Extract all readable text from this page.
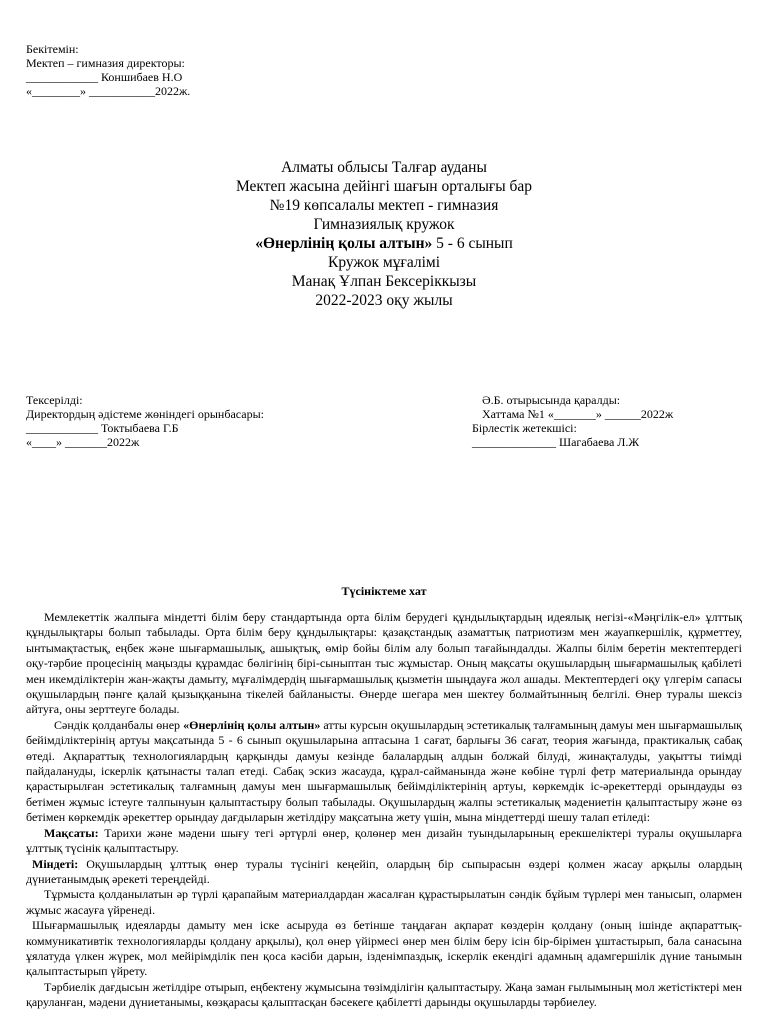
Бекітемін:
Мектеп – гимназия директоры:
____________ Коншибаев Н.О
«________» ___________2022ж.
Алматы облысы Талғар ауданы
Мектеп жасына дейінгі шағын орталығы бар
№19 көпсалалы мектеп - гимназия
Гимназиялық кружок
«Өнерлінің қолы алтын» 5 - 6 сынып
Кружок мұғалімі
Манақ Ұлпан Бексеріккызы
2022-2023 оқу жылы
Тексерілді:
Директордың әдістеме жөніндегі орынбасары:
____________ Токтыбаева Г.Б
«____» _______2022ж
Ә.Б. отырысында қаралды:
Хаттама №1 «_______» ______2022ж
Бірлестік жетекшісі:
______________ Шагабаева Л.Ж
Түсініктеме хат

Мемлекеттік жалпыға міндетті білім беру стандартында орта білім берудегі құндылықтардың идеялық негізі-«Мәңгілік-ел» ұлттық құндылықтары болып табылады. Орта білім беру құндылықтары: қазақстандық азаматтық патриотизм мен жауапкершілік, құрметтеу, ынтымақтастық, еңбек және шығармашылық, ашықтық, өмір бойы білім алу болып тағайындалды. Жалпы білім беретін мектептердегі оқу-тәрбие процесінің маңызды құрамдас бөлігінің бірі-сыныптан тыс жұмыстар. Оның мақсаты оқушылардың шығармашылық қабілеті мен икемділіктерін жан-жақты дамыту, мұғалімдердің шығармашылық қызметін шыңдауға жол ашады. Мектептердегі оқу үлгерім сапасы оқушылардың пәнге қалай қызыққанына тікелей байланысты. Өнерде шегара мен шектеу болмайтынның белгілі. Өнер туралы шексіз айтуға, оны зерттеуге болады.

Сәндік қолданбалы өнер «Өнерлінің қолы алтын» атты курсын оқушылардың эстетикалық талғамының дамуы мен шығармашылық бейімділіктерінің артуы мақсатында 5 - 6 сынып оқушыларына аптасына 1 сағат, барлығы 36 сағат, теория жағында, практикалық сабақ өтеді. Ақпараттық технологиялардың қарқынды дамуы кезінде балалардың алдын болжай білуді, жинақталуды, уақытты тиімді пайдалануды, іскерлік қатынасты талап етеді. Сабақ эскиз жасауда, құрал-сайманында және көбіне түрлі фетр материалында орындау қарастырылған эстетикалық талғамның дамуы мен шығармашылық бейімділіктерінің артуы, көркемдік іс-әрекеттерді орындауды өз бетімен жұмыс істеуге талпынуын қалыптастыру болып табылады. Оқушылардың жалпы эстетикалық мәдениетін қалыптастыру және өз бетімен көркемдік әрекеттер орындау дағдыларын жетілдіру мақсатына жету үшін, мына міндеттерді шешу талап етіледі:

Мақсаты: Тарихи және мәдени шығу тегі әртүрлі өнер, қолөнер мен дизайн туындыларының ерекшеліктері туралы оқушыларға ұлттық түсінік қалыптастыру.

Міндеті: Оқушылардың ұлттық өнер туралы түсінігі кеңейіп, олардың бір сыпырасын өздері қолмен жасау арқылы олардың дүниетанымдық әрекеті тереңдейді.

Тұрмыста қолданылатын әр түрлі қарапайым материалдардан жасалған құрастырылатын сәндік бұйым түрлері мен танысып, олармен жұмыс жасауға үйренеді.

Шығармашылық идеяларды дамыту мен іске асыруда өз бетінше таңдаған ақпарат көздерін қолдану (оның ішінде ақпараттық-коммуникативтік технологияларды қолдану арқылы), қол өнер үйірмесі өнер мен білім беру ісін бір-бірімен ұштастырып, бала санасына ұялатуда үлкен жүрек, мол мейірімділік пен қоса кәсіби дарын, ізденімпаздық, іскерлік екендігі адамның адамгершілік дүние танымын қалыптастырып үйрету.

Тәрбиелік дағдысын жетілдіре отырып, еңбектену жұмысына төзімділігін қалыптастыру. Жаңа заман ғылымының мол жетістіктері мен қаруланған, мәдени дүниетанымы, көзқарасы қалыптасқан бәсекеге қабілетті дарынды оқушыларды тәрбиелеу.
